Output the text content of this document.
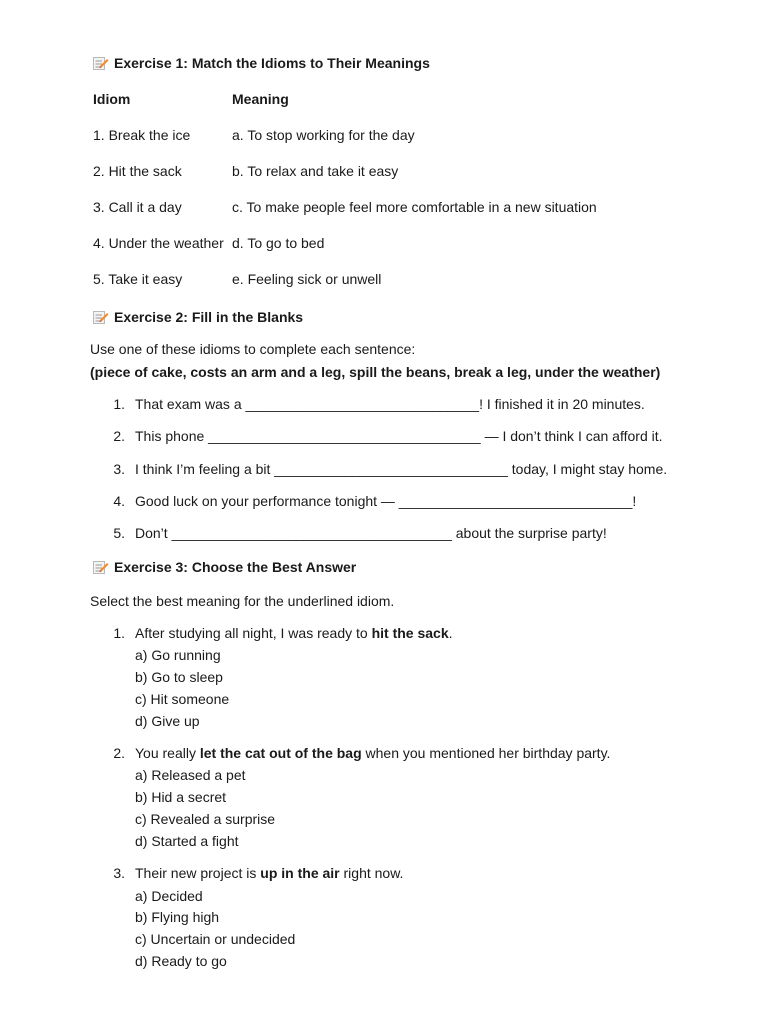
Exercise 1: Match the Idioms to Their Meanings
Idiom	Meaning
1. Break the ice	a. To stop working for the day
2. Hit the sack	b. To relax and take it easy
3. Call it a day	c. To make people feel more comfortable in a new situation
4. Under the weather d. To go to bed
5. Take it easy	e. Feeling sick or unwell
Exercise 2: Fill in the Blanks
Use one of these idioms to complete each sentence:
(piece of cake, costs an arm and a leg, spill the beans, break a leg, under the weather)
1. That exam was a ______________________________! I finished it in 20 minutes.
2. This phone ___________________________________ — I don’t think I can afford it.
3. I think I’m feeling a bit ______________________________ today, I might stay home.
4. Good luck on your performance tonight — ______________________________!
5. Don’t ____________________________________ about the surprise party!
Exercise 3: Choose the Best Answer
Select the best meaning for the underlined idiom.
1. After studying all night, I was ready to hit the sack.
a) Go running
b) Go to sleep
c) Hit someone
d) Give up
2. You really let the cat out of the bag when you mentioned her birthday party.
a) Released a pet
b) Hid a secret
c) Revealed a surprise
d) Started a fight
3. Their new project is up in the air right now.
a) Decided
b) Flying high
c) Uncertain or undecided
d) Ready to go
